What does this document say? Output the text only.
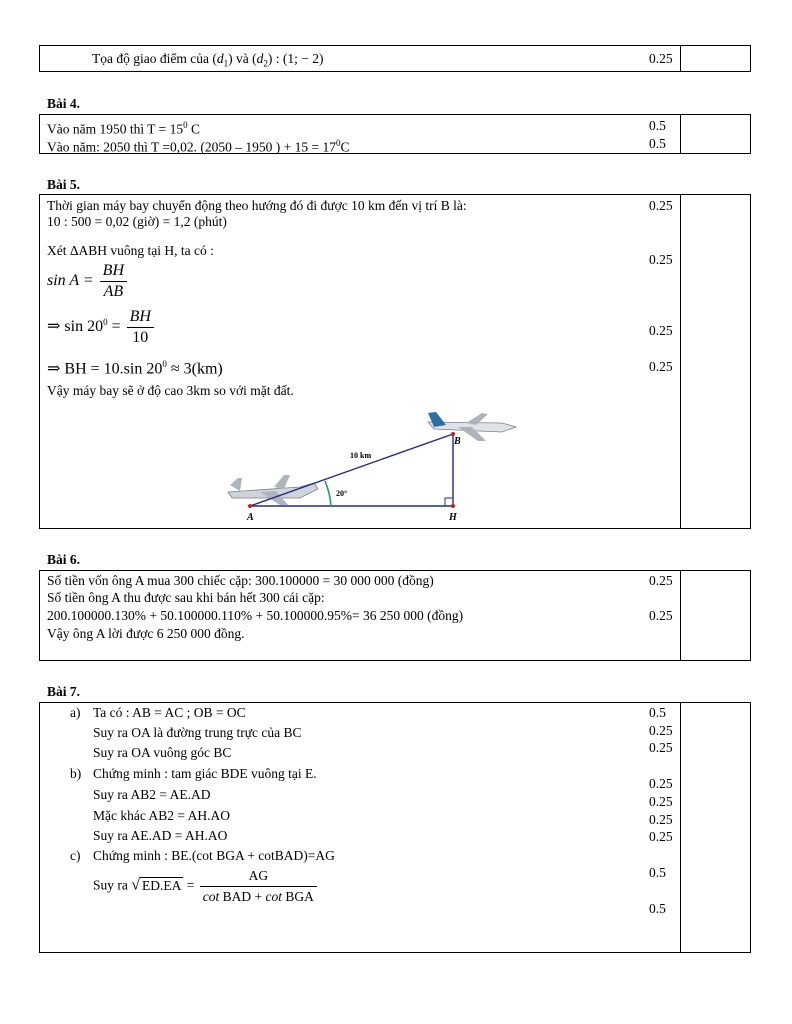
Tọa độ giao điểm của $(d_1)$ và $(d_2)$ : (1; − 2)	0.25
Bài 4.
Vào năm 1950 thì $T = 15^0$ C
Vào năm: 2050 thì T =0,02. (2050 – 1950 ) + $15 = 17^0C$
0.5
0.5
Bài 5.
Thời gian máy bay chuyển động theo hướng đó đi được 10 km đến vị trí B là:
10 : 500 = 0,02 (giờ) = 1,2 (phút)
Xét ΔABH vuông tại H, ta có :
$\sin A = \frac{BH}{AB}$
⇒ $\sin 20^0 = \frac{BH}{10}$
⇒ BH = 10.sin $20^0 \approx 3(km)$
Vậy máy bay sẽ ở độ cao 3km so với mặt đất.
0.25
0.25
0.25
0.25
10 km
20°
A
B
H
Bài 6.
Số tiền vốn ông A mua 300 chiếc cặp: 300.100000 = 30 000 000 (đồng)
Số tiền ông A thu được sau khi bán hết 300 cái cặp:
200.100000.130% + 50.100000.110% + 50.100000.95%= 36 250 000 (đồng)
Vậy ông A lời được 6 250 000 đồng.
0.25
0.25
Bài 7.
a) Ta có : AB = AC ; OB = OC
Suy ra OA là đường trung trực của BC
Suy ra OA vuông góc BC
b) Chứng minh : tam giác BDE vuông tại E.
Suy ra AB2 = AE.AD
Mặc khác AB2 = AH.AO
Suy ra AE.AD = AH.AO
c) Chứng minh : BE.(cot BGA + cotBAD)=AG
Suy ra √ $ED.EA = \frac{AG}{\text{cot BAD + cot BGA}}$
0.5
0.25
0.25
0.25
0.25
0.25
0.25
0.5
0.5
